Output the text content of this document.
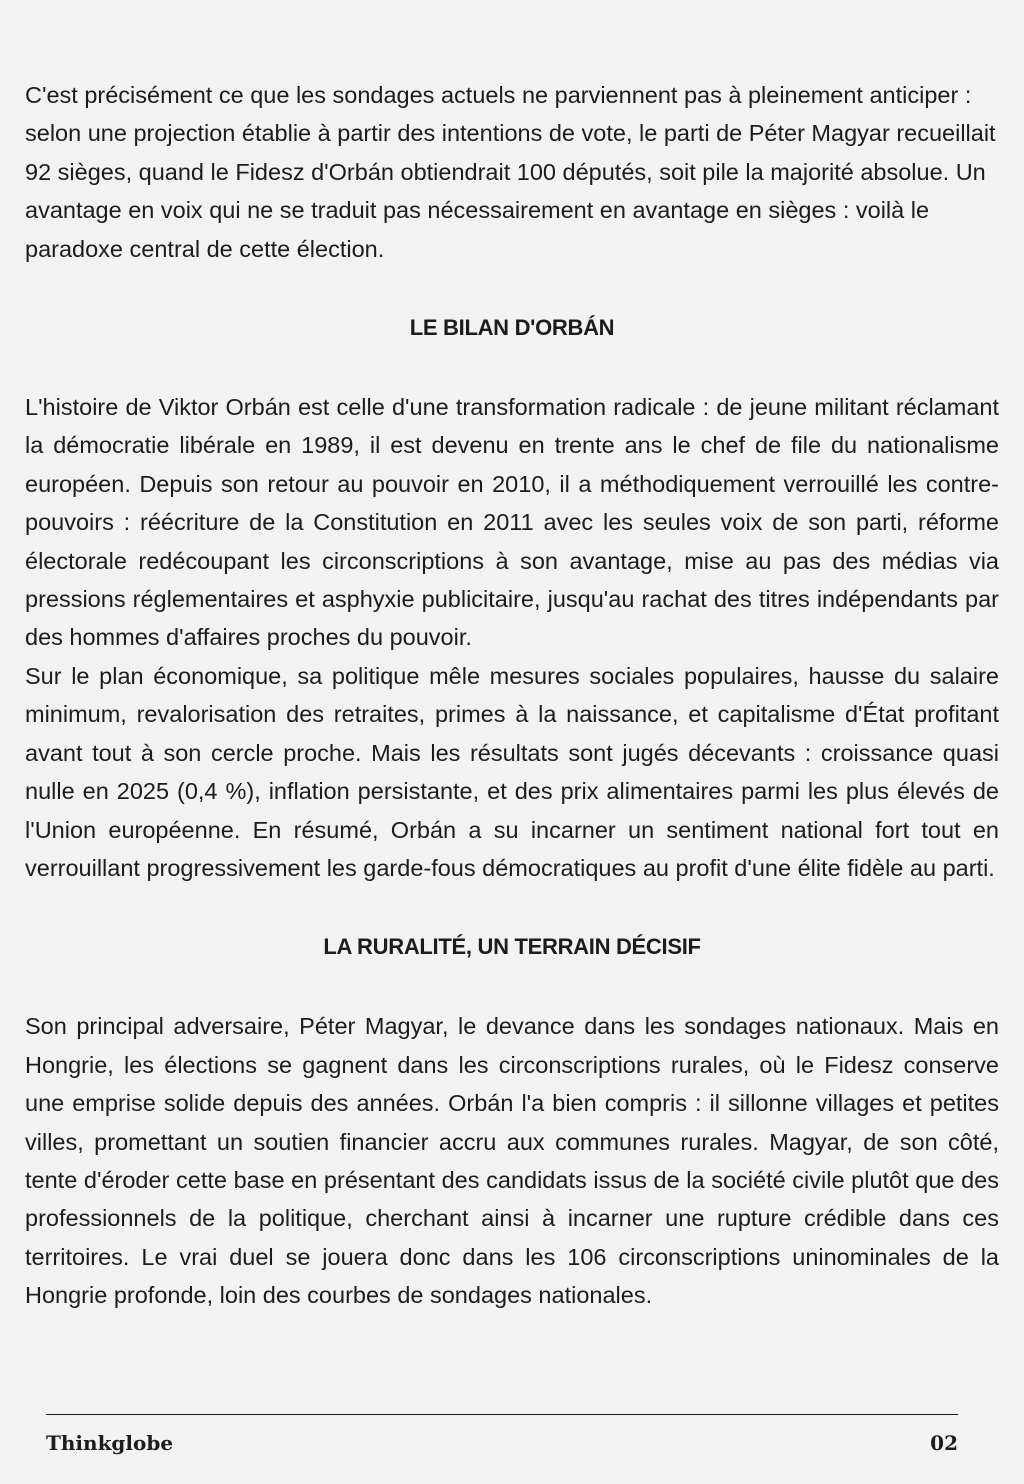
C'est précisément ce que les sondages actuels ne parviennent pas à pleinement anticiper : selon une projection établie à partir des intentions de vote, le parti de Péter Magyar recueillait 92 sièges, quand le Fidesz d'Orbán obtiendrait 100 députés, soit pile la majorité absolue. Un avantage en voix qui ne se traduit pas nécessairement en avantage en sièges : voilà le paradoxe central de cette élection.

LE BILAN D'ORBÁN

L'histoire de Viktor Orbán est celle d'une transformation radicale : de jeune militant réclamant la démocratie libérale en 1989, il est devenu en trente ans le chef de file du nationalisme européen. Depuis son retour au pouvoir en 2010, il a méthodiquement verrouillé les contre-pouvoirs : réécriture de la Constitution en 2011 avec les seules voix de son parti, réforme électorale redécoupant les circonscriptions à son avantage, mise au pas des médias via pressions réglementaires et asphyxie publicitaire, jusqu'au rachat des titres indépendants par des hommes d'affaires proches du pouvoir.

Sur le plan économique, sa politique mêle mesures sociales populaires, hausse du salaire minimum, revalorisation des retraites, primes à la naissance, et capitalisme d'État profitant avant tout à son cercle proche. Mais les résultats sont jugés décevants : croissance quasi nulle en 2025 (0,4 %), inflation persistante, et des prix alimentaires parmi les plus élevés de l'Union européenne. En résumé, Orbán a su incarner un sentiment national fort tout en verrouillant progressivement les garde-fous démocratiques au profit d'une élite fidèle au parti.

LA RURALITÉ, UN TERRAIN DÉCISIF

Son principal adversaire, Péter Magyar, le devance dans les sondages nationaux. Mais en Hongrie, les élections se gagnent dans les circonscriptions rurales, où le Fidesz conserve une emprise solide depuis des années. Orbán l'a bien compris : il sillonne villages et petites villes, promettant un soutien financier accru aux communes rurales. Magyar, de son côté, tente d'éroder cette base en présentant des candidats issus de la société civile plutôt que des professionnels de la politique, cherchant ainsi à incarner une rupture crédible dans ces territoires. Le vrai duel se jouera donc dans les 106 circonscriptions uninominales de la Hongrie profonde, loin des courbes de sondages nationales.

Thinkglobe	02
